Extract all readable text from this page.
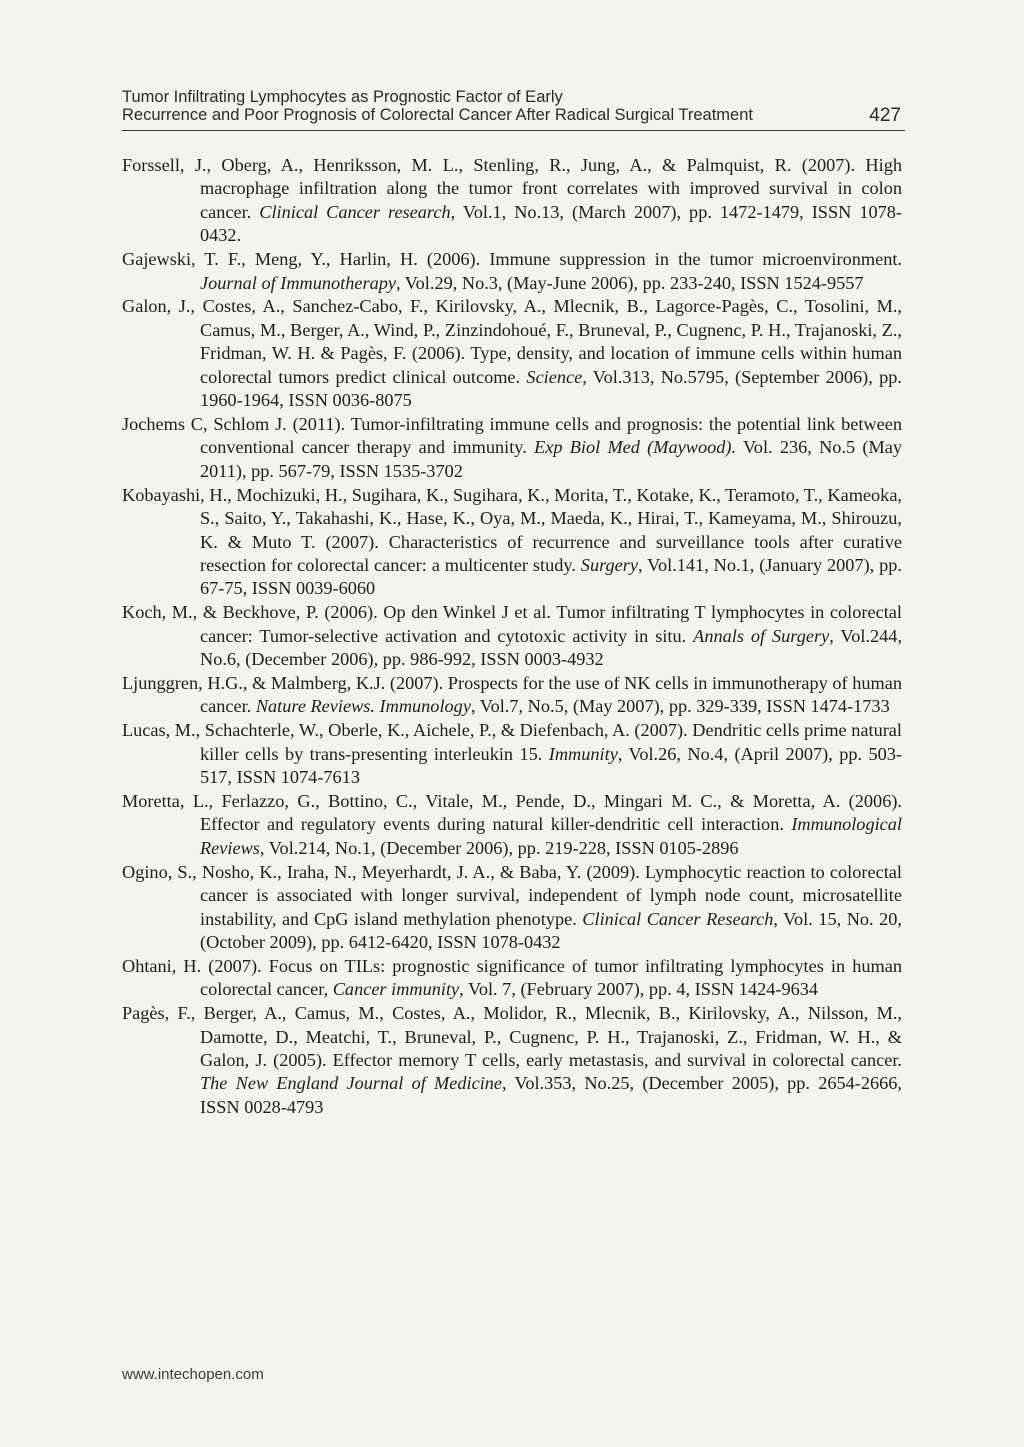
Tumor Infiltrating Lymphocytes as Prognostic Factor of Early
Recurrence and Poor Prognosis of Colorectal Cancer After Radical Surgical Treatment	427

Forssell, J., Oberg, A., Henriksson, M. L., Stenling, R., Jung, A., & Palmquist, R. (2007). High macrophage infiltration along the tumor front correlates with improved survival in colon cancer. Clinical Cancer research, Vol.1, No.13, (March 2007), pp. 1472-1479, ISSN 1078-0432.

Gajewski, T. F., Meng, Y., Harlin, H. (2006). Immune suppression in the tumor microenvironment. Journal of Immunotherapy, Vol.29, No.3, (May-June 2006), pp. 233-240, ISSN 1524-9557

Galon, J., Costes, A., Sanchez-Cabo, F., Kirilovsky, A., Mlecnik, B., Lagorce-Pagès, C., Tosolini, M., Camus, M., Berger, A., Wind, P., Zinzindohoué, F., Bruneval, P., Cugnenc, P. H., Trajanoski, Z., Fridman, W. H. & Pagès, F. (2006). Type, density, and location of immune cells within human colorectal tumors predict clinical outcome. Science, Vol.313, No.5795, (September 2006), pp. 1960-1964, ISSN 0036-8075

Jochems C, Schlom J. (2011). Tumor-infiltrating immune cells and prognosis: the potential link between conventional cancer therapy and immunity. Exp Biol Med (Maywood). Vol. 236, No.5 (May 2011), pp. 567-79, ISSN 1535-3702

Kobayashi, H., Mochizuki, H., Sugihara, K., Sugihara, K., Morita, T., Kotake, K., Teramoto, T., Kameoka, S., Saito, Y., Takahashi, K., Hase, K., Oya, M., Maeda, K., Hirai, T., Kameyama, M., Shirouzu, K. & Muto T. (2007). Characteristics of recurrence and surveillance tools after curative resection for colorectal cancer: a multicenter study. Surgery, Vol.141, No.1, (January 2007), pp. 67-75, ISSN 0039-6060

Koch, M., & Beckhove, P. (2006). Op den Winkel J et al. Tumor infiltrating T lymphocytes in colorectal cancer: Tumor-selective activation and cytotoxic activity in situ. Annals of Surgery, Vol.244, No.6, (December 2006), pp. 986-992, ISSN 0003-4932

Ljunggren, H.G., & Malmberg, K.J. (2007). Prospects for the use of NK cells in immunotherapy of human cancer. Nature Reviews. Immunology, Vol.7, No.5, (May 2007), pp. 329-339, ISSN 1474-1733

Lucas, M., Schachterle, W., Oberle, K., Aichele, P., & Diefenbach, A. (2007). Dendritic cells prime natural killer cells by trans-presenting interleukin 15. Immunity, Vol.26, No.4, (April 2007), pp. 503-517, ISSN 1074-7613

Moretta, L., Ferlazzo, G., Bottino, C., Vitale, M., Pende, D., Mingari M. C., & Moretta, A. (2006). Effector and regulatory events during natural killer-dendritic cell interaction. Immunological Reviews, Vol.214, No.1, (December 2006), pp. 219-228, ISSN 0105-2896

Ogino, S., Nosho, K., Iraha, N., Meyerhardt, J. A., & Baba, Y. (2009). Lymphocytic reaction to colorectal cancer is associated with longer survival, independent of lymph node count, microsatellite instability, and CpG island methylation phenotype. Clinical Cancer Research, Vol. 15, No. 20, (October 2009), pp. 6412-6420, ISSN 1078-0432

Ohtani, H. (2007). Focus on TILs: prognostic significance of tumor infiltrating lymphocytes in human colorectal cancer, Cancer immunity, Vol. 7, (February 2007), pp. 4, ISSN 1424-9634

Pagès, F., Berger, A., Camus, M., Costes, A., Molidor, R., Mlecnik, B., Kirilovsky, A., Nilsson, M., Damotte, D., Meatchi, T., Bruneval, P., Cugnenc, P. H., Trajanoski, Z., Fridman, W. H., & Galon, J. (2005). Effector memory T cells, early metastasis, and survival in colorectal cancer. The New England Journal of Medicine, Vol.353, No.25, (December 2005), pp. 2654-2666, ISSN 0028-4793

www.intechopen.com
